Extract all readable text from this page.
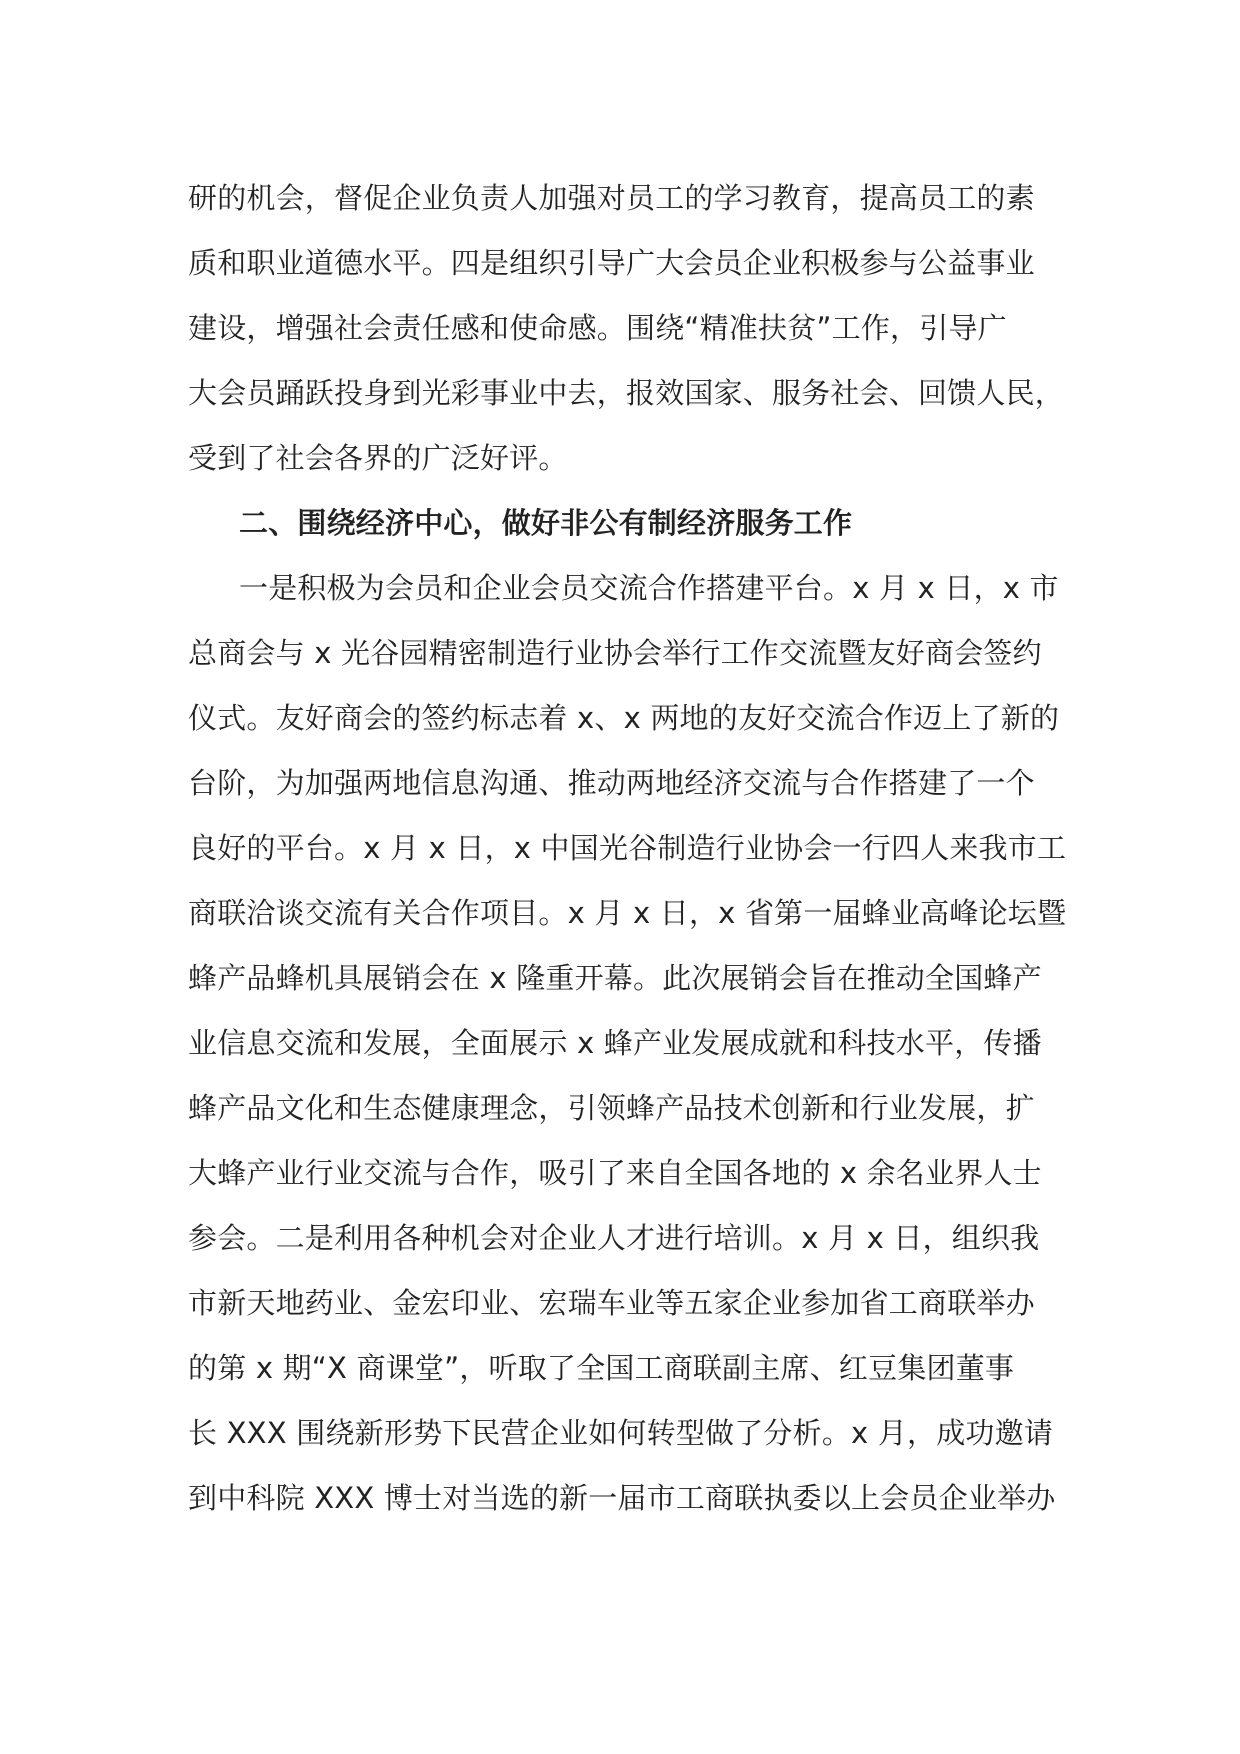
研的机会，督促企业负责人加强对员工的学习教育，提高员工的素
质和职业道德水平。四是组织引导广大会员企业积极参与公益事业
建设，增强社会责任感和使命感。围绕“精准扶贫”工作，引导广
大会员踊跃投身到光彩事业中去，报效国家、服务社会、回馈人民，
受到了社会各界的广泛好评。
二、围绕经济中心，做好非公有制经济服务工作
一是积极为会员和企业会员交流合作搭建平台。x 月 x 日，x 市
总商会与 x 光谷园精密制造行业协会举行工作交流暨友好商会签约
仪式。友好商会的签约标志着 x、x 两地的友好交流合作迈上了新的
台阶，为加强两地信息沟通、推动两地经济交流与合作搭建了一个
良好的平台。x 月 x 日，x 中国光谷制造行业协会一行四人来我市工
商联洽谈交流有关合作项目。x 月 x 日，x 省第一届蜂业高峰论坛暨
蜂产品蜂机具展销会在 x 隆重开幕。此次展销会旨在推动全国蜂产
业信息交流和发展，全面展示 x 蜂产业发展成就和科技水平，传播
蜂产品文化和生态健康理念，引领蜂产品技术创新和行业发展，扩
大蜂产业行业交流与合作，吸引了来自全国各地的 x 余名业界人士
参会。二是利用各种机会对企业人才进行培训。x 月 x 日，组织我
市新天地药业、金宏印业、宏瑞车业等五家企业参加省工商联举办
的第 x 期“X 商课堂”，听取了全国工商联副主席、红豆集团董事
长 XXX 围绕新形势下民营企业如何转型做了分析。x 月，成功邀请
到中科院 XXX 博士对当选的新一届市工商联执委以上会员企业举办
